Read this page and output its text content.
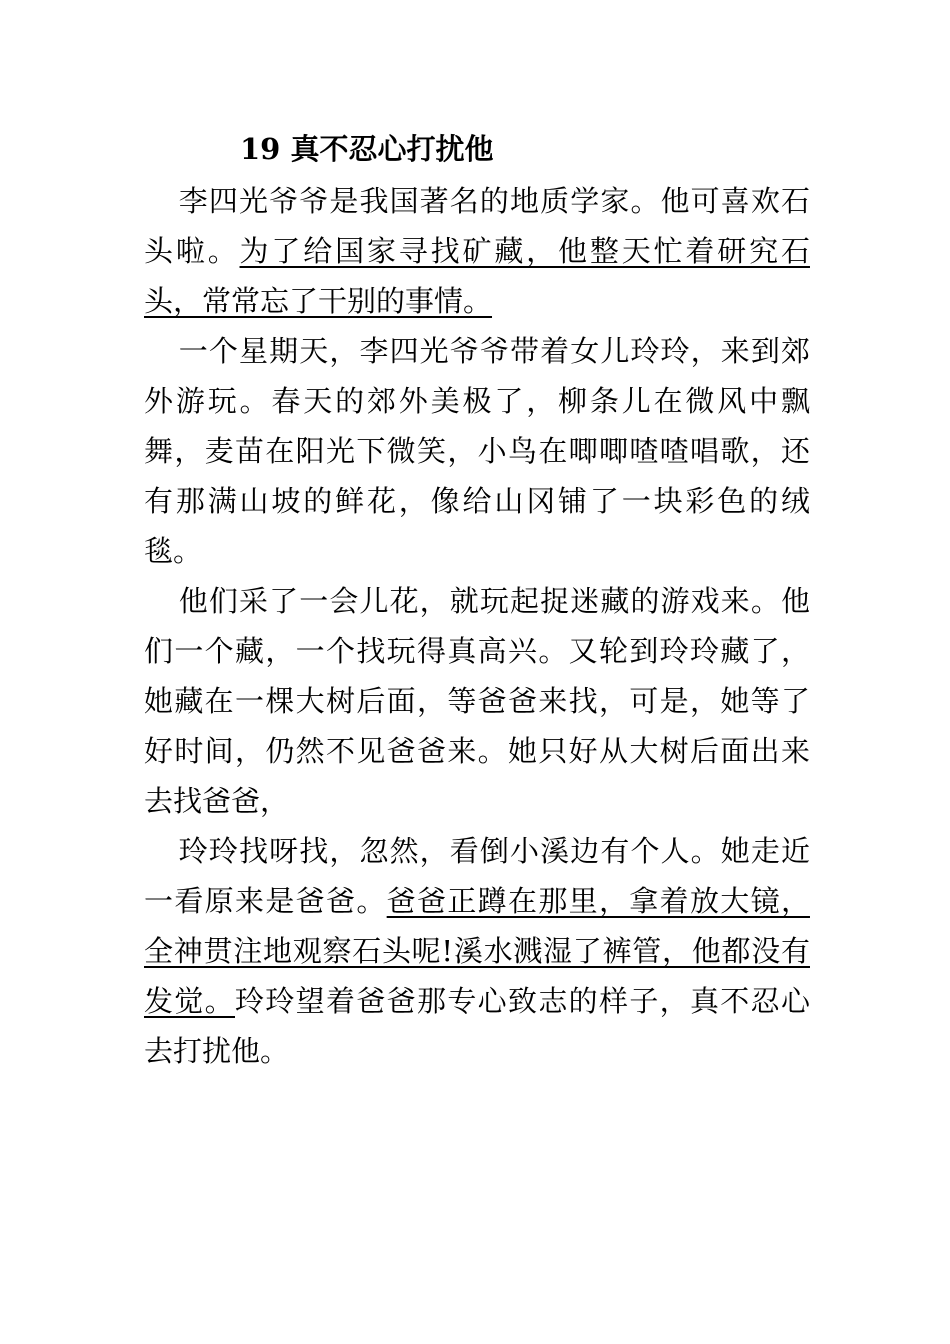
19 真不忍心打扰他

李四光爷爷是我国著名的地质学家。他可喜欢石头啦。为了给国家寻找矿藏，他整天忙着研究石头，常常忘了干别的事情。

一个星期天，李四光爷爷带着女儿玲玲，来到郊外游玩。春天的郊外美极了，柳条儿在微风中飘舞，麦苗在阳光下微笑，小鸟在唧唧喳喳唱歌，还有那满山坡的鲜花，像给山冈铺了一块彩色的绒毯。

他们采了一会儿花，就玩起捉迷藏的游戏来。他们一个藏，一个找玩得真高兴。又轮到玲玲藏了，她藏在一棵大树后面，等爸爸来找，可是，她等了好时间，仍然不见爸爸来。她只好从大树后面出来去找爸爸，

玲玲找呀找，忽然，看倒小溪边有个人。她走近一看原来是爸爸。爸爸正蹲在那里，拿着放大镜，全神贯注地观察石头呢!溪水溅湿了裤管，他都没有发觉。玲玲望着爸爸那专心致志的样子，真不忍心去打扰他。
